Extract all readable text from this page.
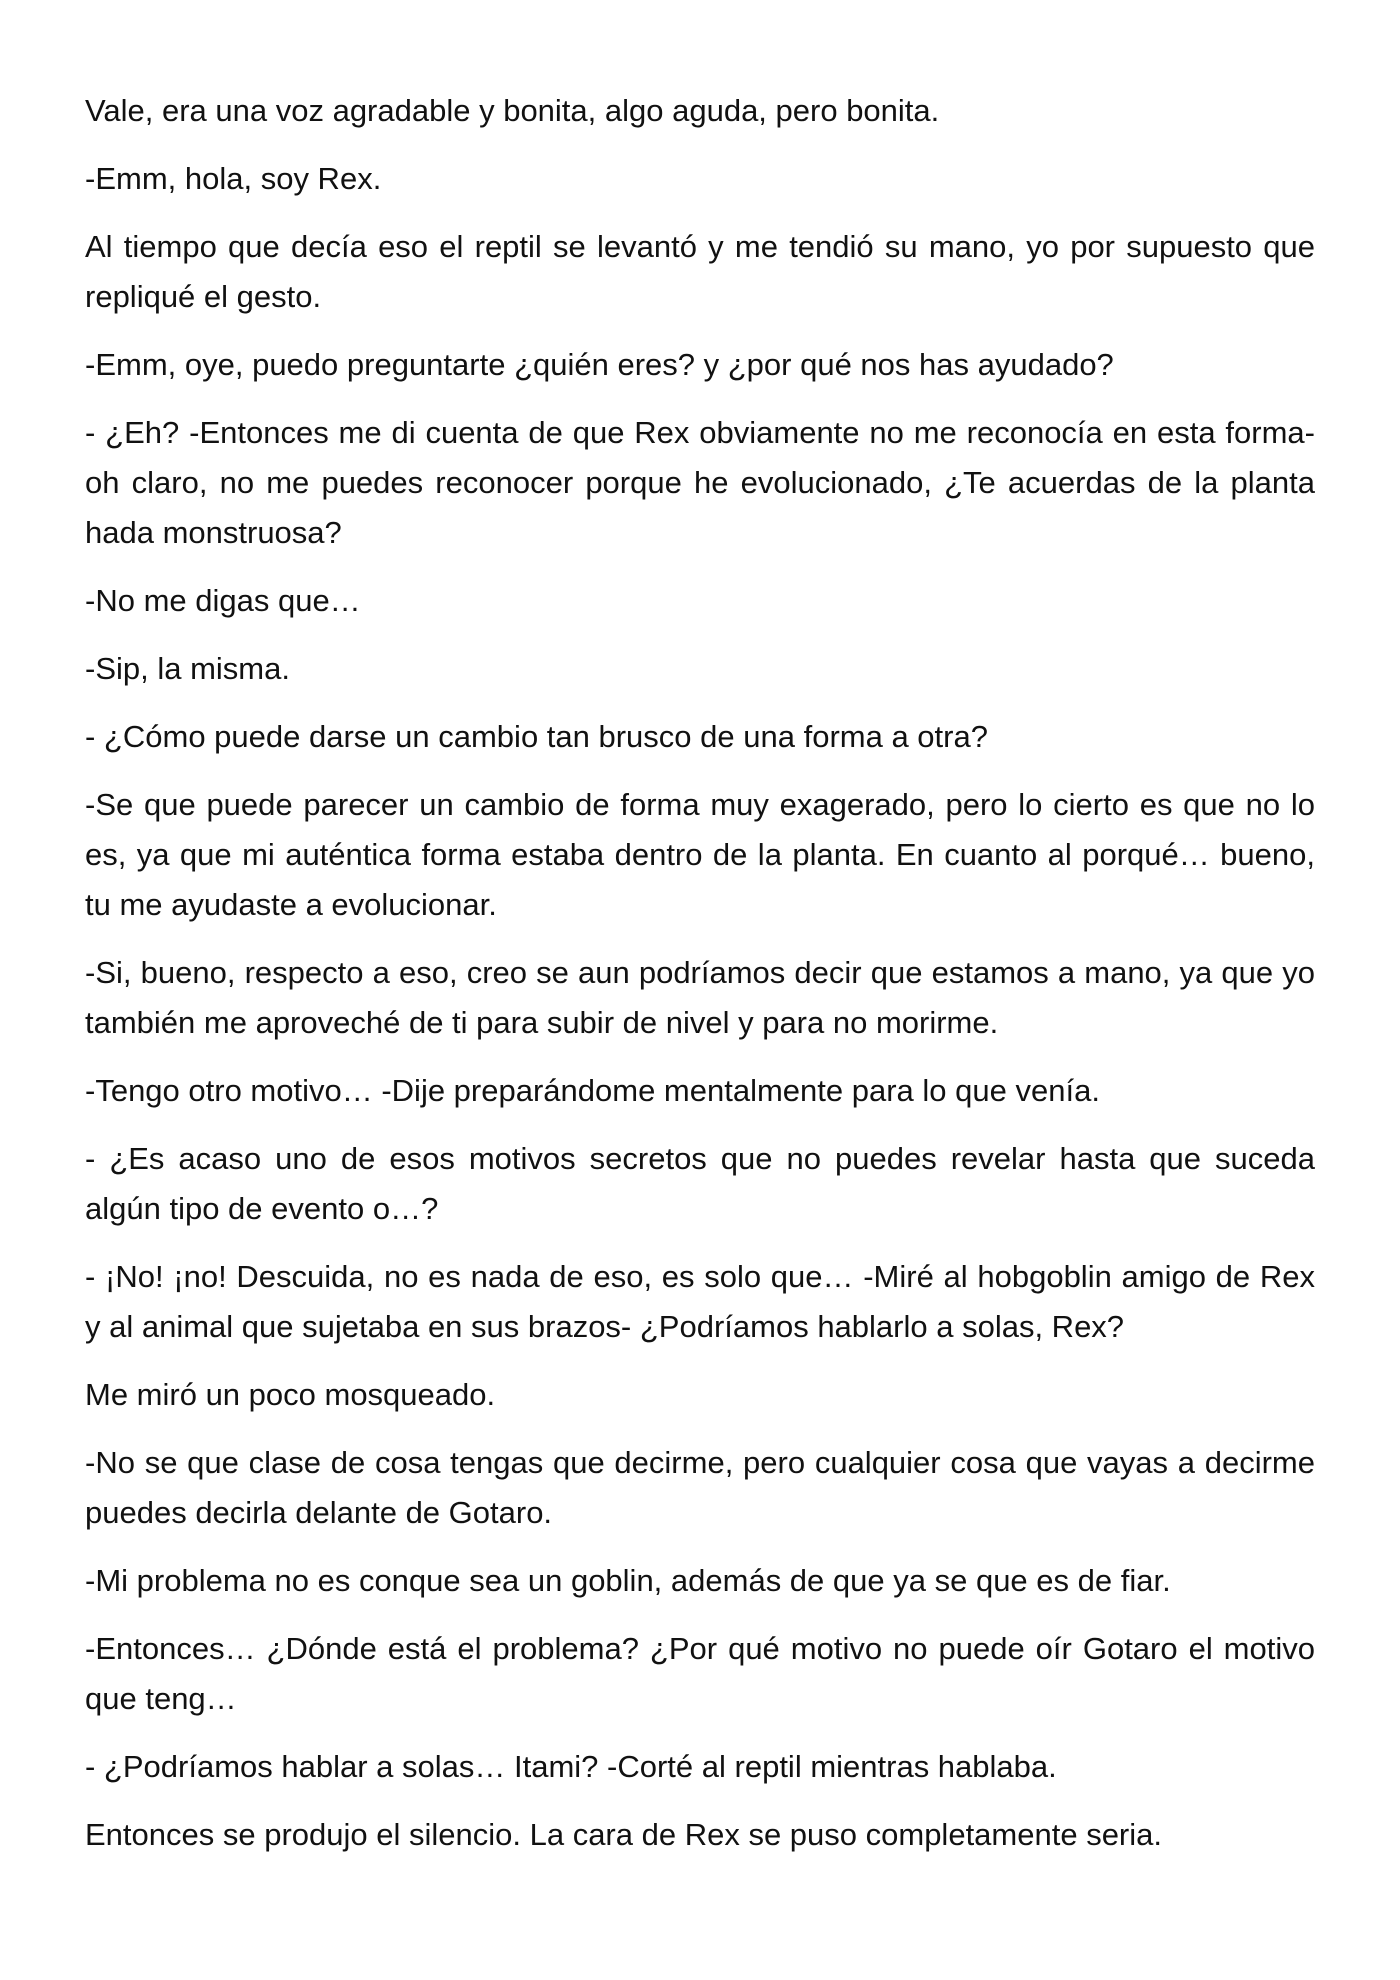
Vale, era una voz agradable y bonita, algo aguda, pero bonita.

-Emm, hola, soy Rex.

Al tiempo que decía eso el reptil se levantó y me tendió su mano, yo por supuesto que repliqué el gesto.

-Emm, oye, puedo preguntarte ¿quién eres? y ¿por qué nos has ayudado?

- ¿Eh? -Entonces me di cuenta de que Rex obviamente no me reconocía en esta forma- oh claro, no me puedes reconocer porque he evolucionado, ¿Te acuerdas de la planta hada monstruosa?

-No me digas que…

-Sip, la misma.

- ¿Cómo puede darse un cambio tan brusco de una forma a otra?

-Se que puede parecer un cambio de forma muy exagerado, pero lo cierto es que no lo es, ya que mi auténtica forma estaba dentro de la planta. En cuanto al porqué… bueno, tu me ayudaste a evolucionar.

-Si, bueno, respecto a eso, creo se aun podríamos decir que estamos a mano, ya que yo también me aproveché de ti para subir de nivel y para no morirme.

-Tengo otro motivo… -Dije preparándome mentalmente para lo que venía.

- ¿Es acaso uno de esos motivos secretos que no puedes revelar hasta que suceda algún tipo de evento o…?

- ¡No! ¡no! Descuida, no es nada de eso, es solo que… -Miré al hobgoblin amigo de Rex y al animal que sujetaba en sus brazos- ¿Podríamos hablarlo a solas, Rex?

Me miró un poco mosqueado.

-No se que clase de cosa tengas que decirme, pero cualquier cosa que vayas a decirme puedes decirla delante de Gotaro.

-Mi problema no es conque sea un goblin, además de que ya se que es de fiar.

-Entonces… ¿Dónde está el problema? ¿Por qué motivo no puede oír Gotaro el motivo que teng…

- ¿Podríamos hablar a solas… Itami? -Corté al reptil mientras hablaba.

Entonces se produjo el silencio. La cara de Rex se puso completamente seria.
